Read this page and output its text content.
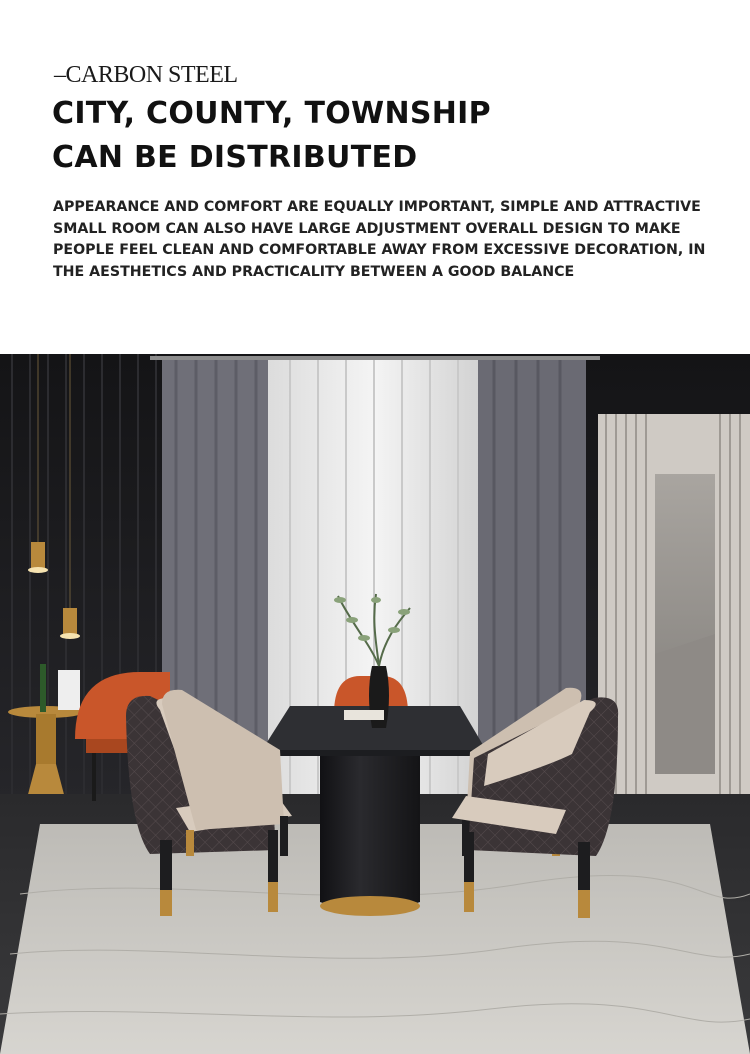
–CARBON STEEL
CITY, COUNTY, TOWNSHIP
CAN BE DISTRIBUTED

APPEARANCE AND COMFORT ARE EQUALLY IMPORTANT, SIMPLE AND ATTRACTIVE
SMALL ROOM CAN ALSO HAVE LARGE ADJUSTMENT OVERALL DESIGN TO MAKE
PEOPLE FEEL CLEAN AND COMFORTABLE AWAY FROM EXCESSIVE DECORATION, IN
THE AESTHETICS AND PRACTICALITY BETWEEN A GOOD BALANCE
